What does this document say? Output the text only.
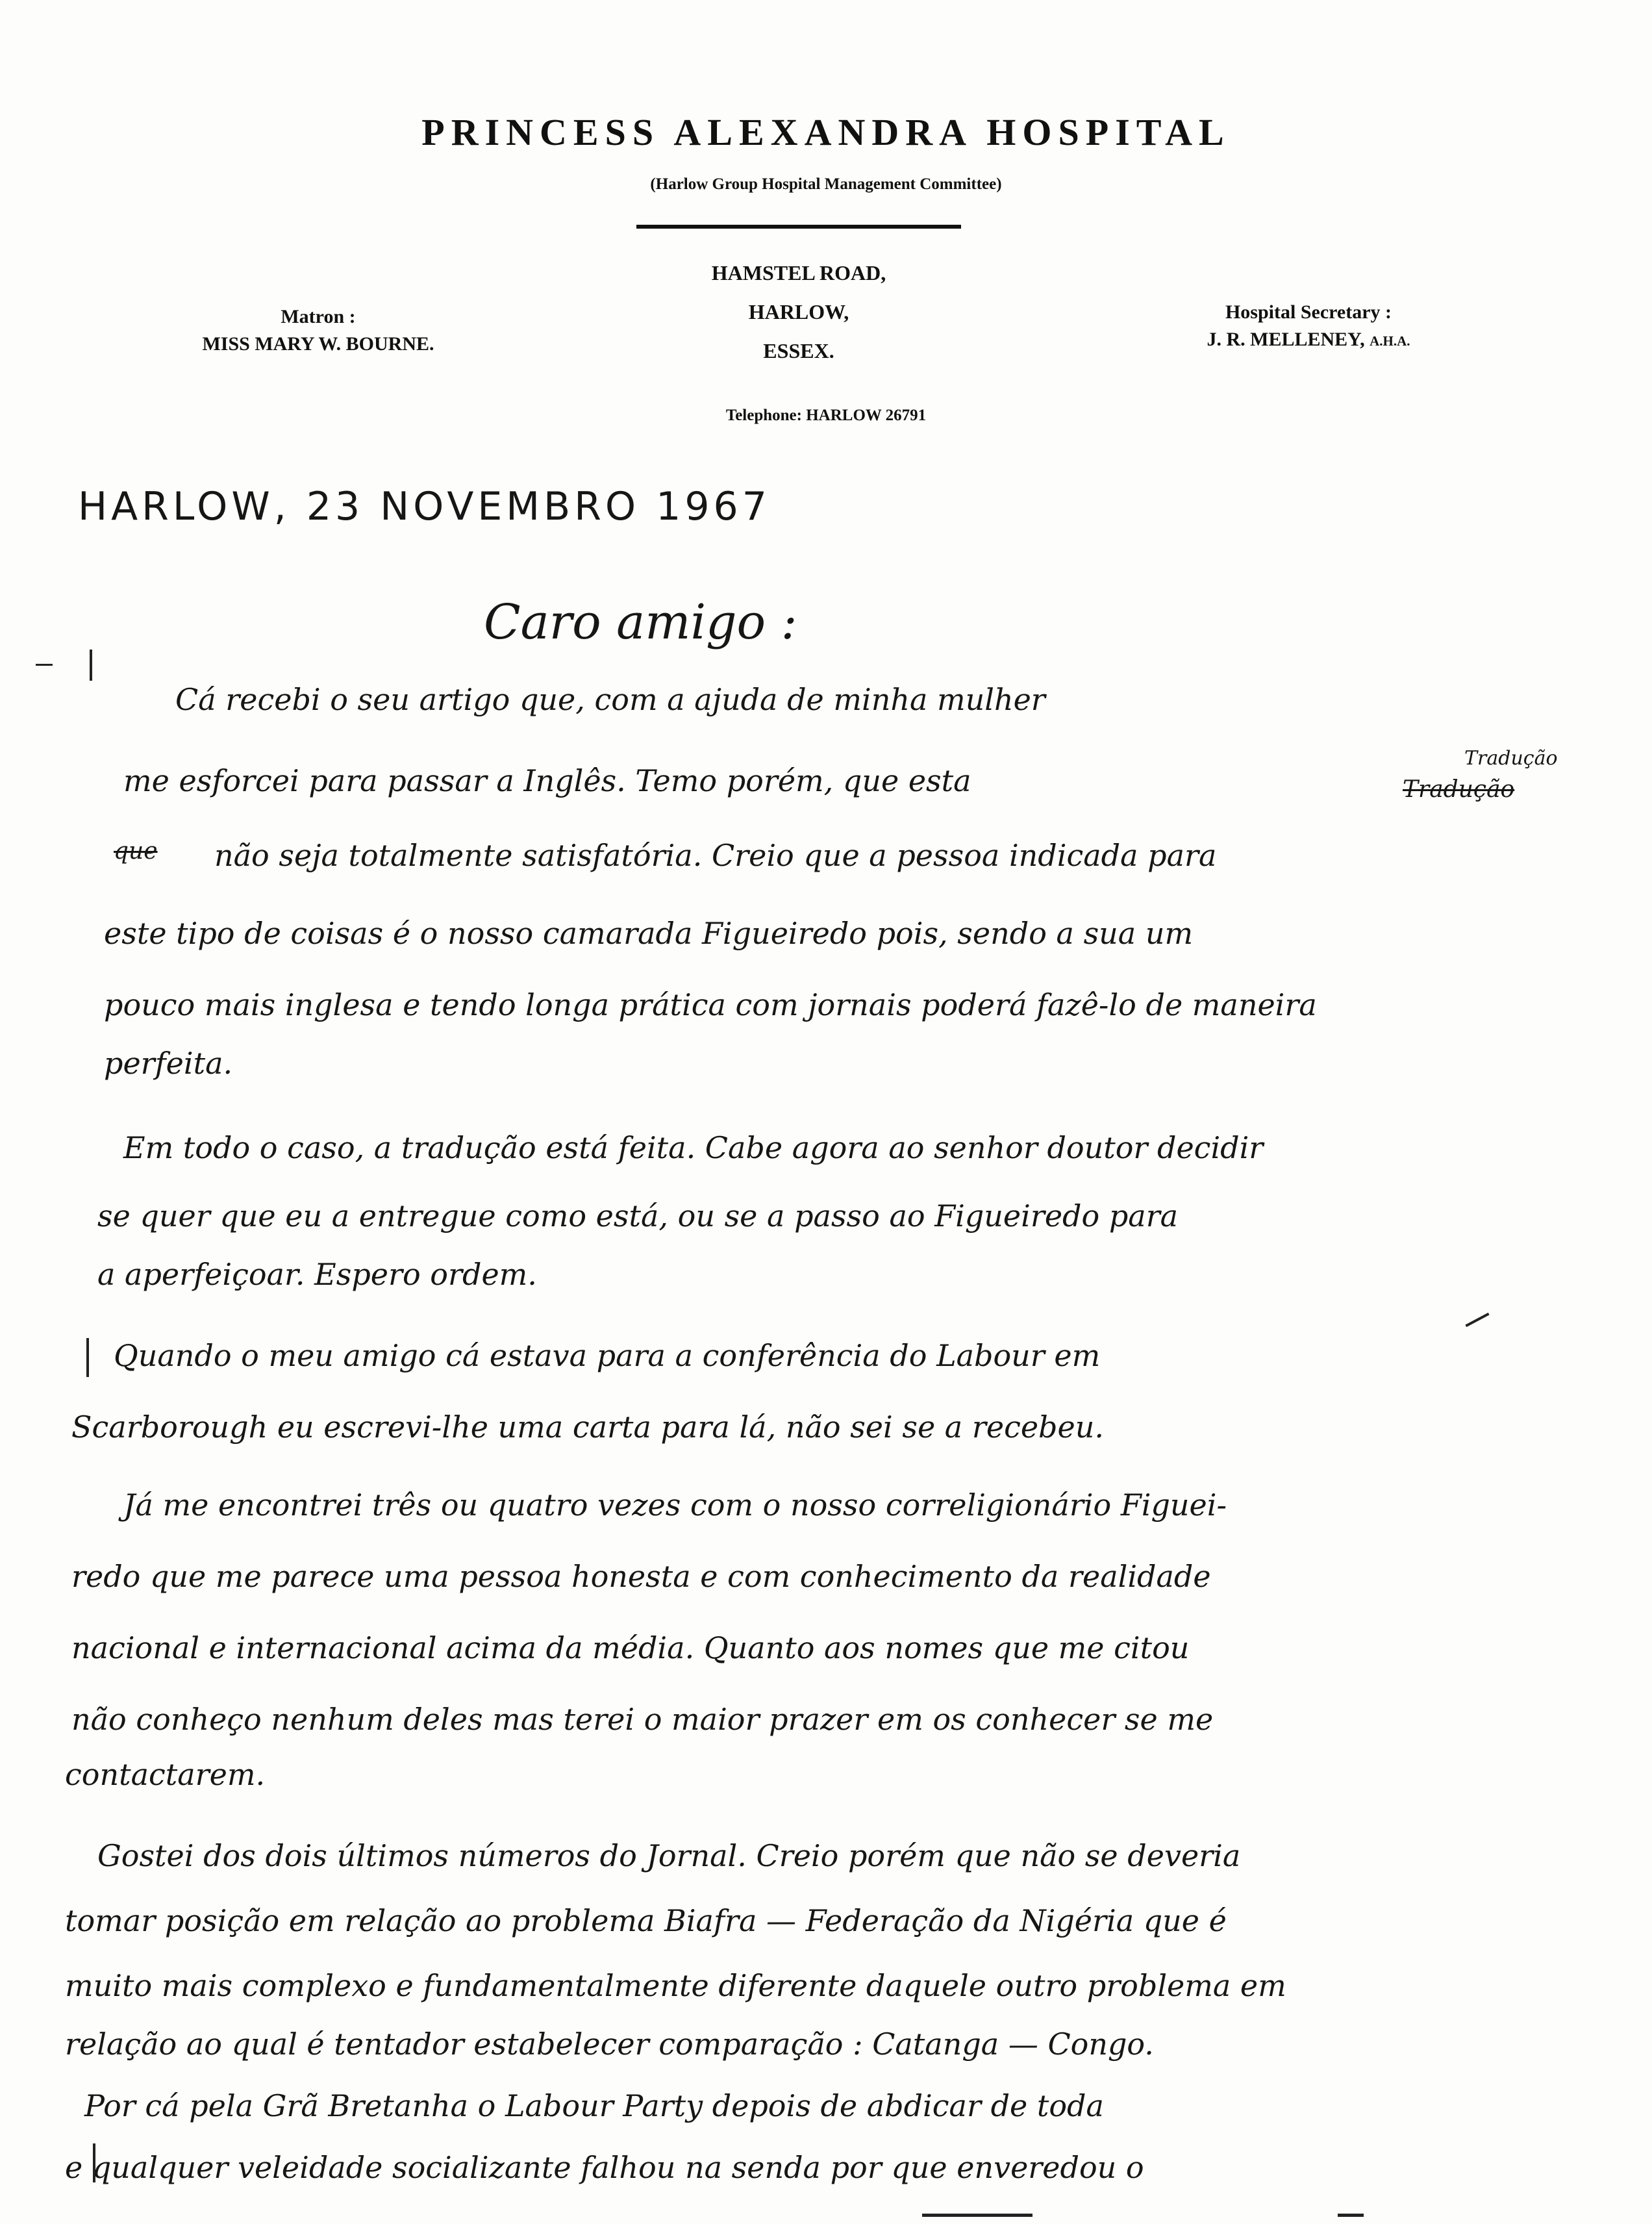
PRINCESS ALEXANDRA HOSPITAL
(Harlow Group Hospital Management Committee)
HAMSTEL ROAD,
HARLOW,
ESSEX.
Matron :
MISS MARY W. BOURNE.
Hospital Secretary :
J. R. MELLENEY, A.H.A.
Telephone: HARLOW 26791
HARLOW, 23 NOVEMBRO 1967
Caro amigo :
Cá recebi o seu artigo que, com a ajuda de minha mulher
me esforcei para passar a Inglês. Temo porém, que esta
Tradução
Tradução
que não seja totalmente satisfatória. Creio que a pessoa indicada para
este tipo de coisas é o nosso camarada Figueiredo pois, sendo a sua um
pouco mais inglesa e tendo longa prática com jornais poderá fazê-lo de maneira
perfeita.
Em todo o caso, a tradução está feita. Cabe agora ao senhor doutor decidir
se quer que eu a entregue como está, ou se a passo ao Figueiredo para
a aperfeiçoar. Espero ordem.
Quando o meu amigo cá estava para a conferência do Labour em
Scarborough eu escrevi-lhe uma carta para lá, não sei se a recebeu.
Já me encontrei três ou quatro vezes com o nosso correligionário Figuei-
redo que me parece uma pessoa honesta e com conhecimento da realidade
nacional e internacional acima da média. Quanto aos nomes que me citou
não conheço nenhum deles mas terei o maior prazer em os conhecer se me
contactarem.
Gostei dos dois últimos números do Jornal. Creio porém que não se deveria
tomar posição em relação ao problema Biafra — Federação da Nigéria que é
muito mais complexo e fundamentalmente diferente daquele outro problema em
relação ao qual é tentador estabelecer comparação : Catanga — Congo.
Por cá pela Grã Bretanha o Labour Party depois de abdicar de toda
e qualquer veleidade socializante falhou na senda por que enveredou o
